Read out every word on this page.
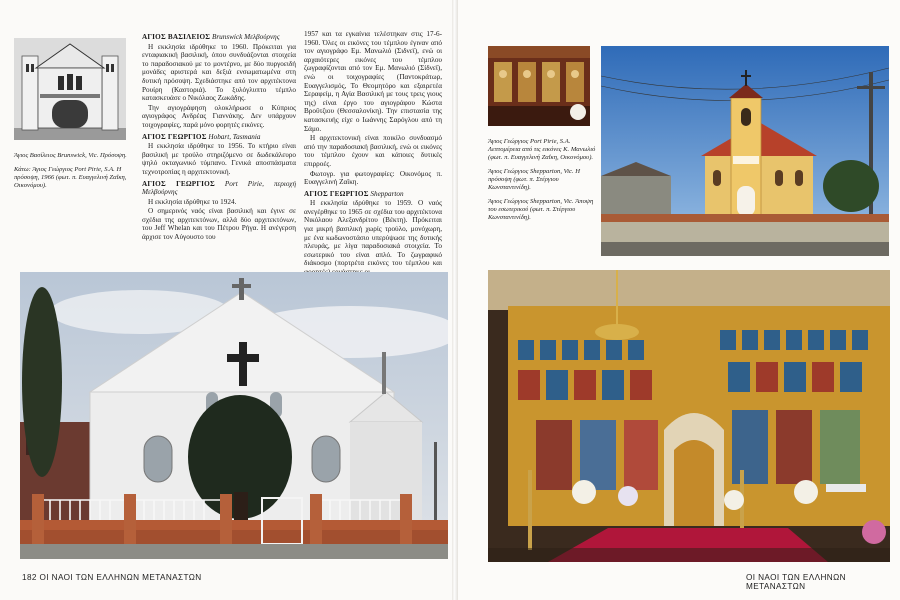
Άγιος Βασίλειος Brunswick, Vic. Πρόσοψη.

Κάτω: Άγιος Γεώργιος Port Pirie, S.A. Η πρόσοψη, 1966 (φωτ. π. Ευαγγελινή Ζαΐκη, Οικονόμου).

ΑΓΙΟΣ ΒΑΣΙΛΕΙΟΣ Brunswick Μελβούρνης

Η εκκλησία ιδρύθηκε το 1960. Πρόκειται για ενταφιακική βασιλική, όπου συνδυάζονται στοιχεία το παραδοσιακού με το μοντέρνο, με δύο πυργοειδή μονάδες αριστερά και δεξιά ενσωματωμένα στη δυτική πρόσοψη. Σχεδιάστηκε από τον αρχιτέκτονα Ρουίρη (Καστοριά). Το ξυλόγλυπτο τέμπλο κατασκευάσε ο Νικόλαος Ζωκάδης.

Την αγιογράφηση ολοκλήρωσε ο Κύπριος αγιογράφος Ανδρέας Γιαννάκης. Δεν υπάρχουν τοιχογραφίες, παρά μόνο φορητές εικόνες.

ΑΓΙΟΣ ΓΕΩΡΓΙΟΣ Hobart, Tasmania

Η εκκλησία ιδρύθηκε το 1956. Το κτήριο είναι βασιλική με τρούλο στηριζόμενο σε δωδεκάλευρο ψηλό οκταγωνικό τύμπανο. Γενικά αποσπάσματα τεχνοτροπίας η αρχιτεκτονική.

ΑΓΙΟΣ ΓΕΩΡΓΙΟΣ Port Pirie, περιοχή Μελβούρνης

Η εκκλησία ιδρύθηκε το 1924.

Ο σημερινός ναός είναι βασιλική και έγινε σε σχέδια της αρχιτεκτόνων, αλλά δύο αρχιτεκτόνων, του Jeff Whelan και του Πέτρου Ρήγα. Η ανέγερση άρχισε τον Αύγουστο του

1957 και τα εγκαίνια τελέστηκαν στις 17-6-1960. Όλες οι εικόνες του τέμπλου έγιναν από τον αγιογράφο Εμ. Μανωλιό (Σιδνεϊ), ενώ οι αρχαιότερες εικόνες του τέμπλου ζωγραφίζονται από τον Εμ. Μανωλιό (Σίδνεϊ), ενώ οι τοιχογραφίες (Παντοκράτωρ, Ευαγγελισμός, Το Θεομητόρο και εξαιρετέα Σεραφείμ, η Αγία Βασιλική με τους τρεις γιους της) είναι έργο του αγιογράφου Κώστα Βροΰτζιου (Θεσσαλονίκη). Την επιστασία της κατασκευής είχε ο Ιωάννης Σαρόγλου από τη Σάμο.

Η αρχιτεκτονική είναι ποικίλο συνδυασμό από την παραδοσιακή βασιλική, ενώ οι εικόνες του τέμπλου έχουν και κάποιες δυτικές επιρροές.

Φωτογρ. για φωτογραφίες: Οικονόμος π. Ευαγγελινή Ζαΐκη.

ΑΓΙΟΣ ΓΕΩΡΓΙΟΣ Shepparton

Η εκκλησία ιδρύθηκε το 1959. Ο ναός ανεγέρθηκε το 1965 σε σχέδια του αρχιτέκτονα Νικόλαου Αλεξανδρίτου (Βέκτη). Πρόκειται για μικρή βασιλική χωρίς τρούλο, μονόχωρη, με ένα κωδωνοστάσιο υπερύψωσε της δυτικής πλευράς, με λίγα παραδοσιακά στοιχεία. Το εσωτερικό του είναι απλό. Το ζωγραφικό διάκοσμο (πορτρέτα εικόνες του τέμπλου και

182 ΟΙ ΝΑΟΙ ΤΩΝ ΕΛΛΗΝΩΝ ΜΕΤΑΝΑΣΤΩΝ

Άγιος Γεώργιος Port Pirie, S.A. Λεπτομέρεια από τις εικόνες Κ. Μανωλιό (φωτ. π. Ευαγγελινή Ζαΐκη, Οικονόμου).

Άγιος Γεώργιος Shepparton, Vic. Η πρόσοψη (φωτ. π. Στέργιου Κωνσταντινίδη).

Άγιος Γεώργιος Shepparton, Vic. Άποψη του εσωτερικού (φωτ. π. Στέργιου Κωνσταντινίδη).

ΟΙ ΝΑΟΙ ΤΩΝ ΕΛΛΗΝΩΝ ΜΕΤΑΝΑΣΤΩΝ
